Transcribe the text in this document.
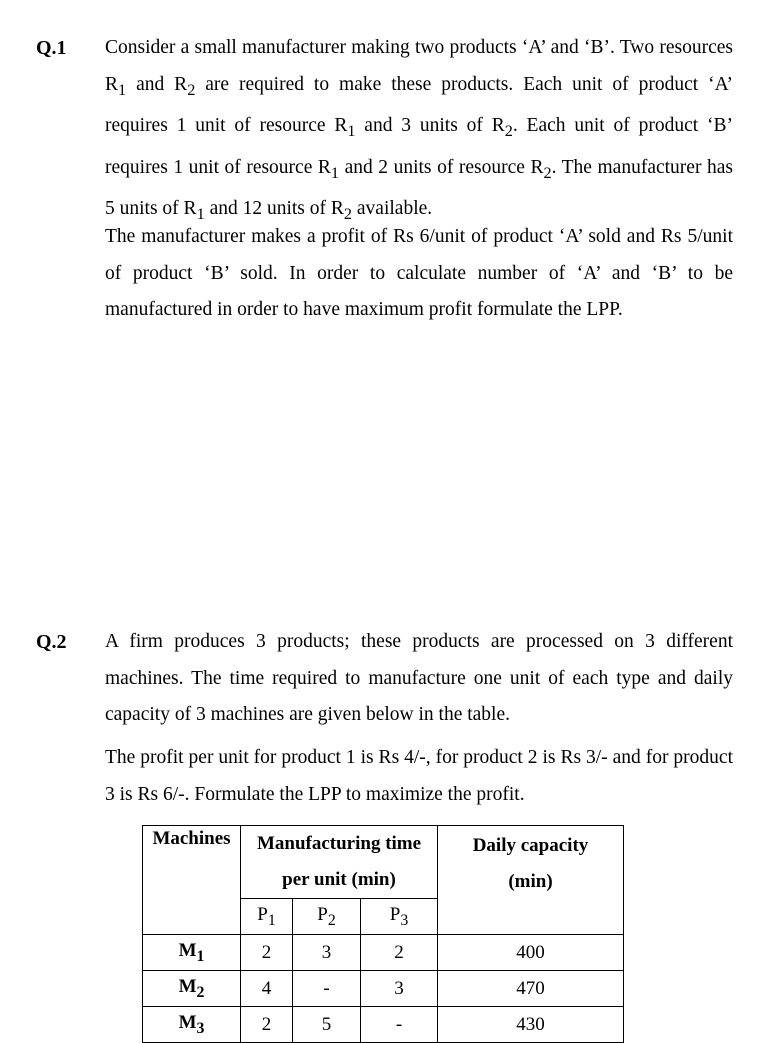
Q.1 Consider a small manufacturer making two products ‘A’ and ‘B’. Two resources $R_1$ and $R_2$ are required to make these products. Each unit of product ‘A’ requires 1 unit of resource $R_1$ and 3 units of $R_2$. Each unit of product ‘B’ requires 1 unit of resource $R_1$ and 2 units of resource $R_2$. The manufacturer has 5 units of $R_1$ and 12 units of $R_2$ available.

The manufacturer makes a profit of Rs 6/unit of product ‘A’ sold and Rs 5/unit of product ‘B’ sold. In order to calculate number of ‘A’ and ‘B’ to be manufactured in order to have maximum profit formulate the LPP.

Q.2 A firm produces 3 products; these products are processed on 3 different machines. The time required to manufacture one unit of each type and daily capacity of 3 machines are given below in the table.

The profit per unit for product 1 is Rs 4/-, for product 2 is Rs 3/- and for product 3 is Rs 6/-. Formulate the LPP to maximize the profit.

Machines	Manufacturing time
per unit (min)			Daily capacity
(min)
	$P_1$	$P_2$	$P_3$

$M_1$	2	3	2	400
$M_2$	4	-	3	470
$M_3$	2	5	-	430
